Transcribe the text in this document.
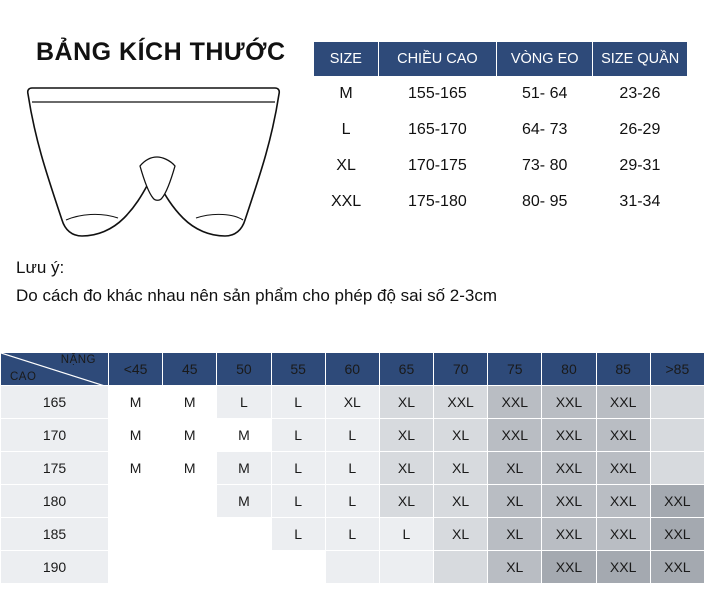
BẢNG KÍCH THƯỚC	SIZE	CHIỀU CAO	VÒNG EO	SIZE QUẦN
M	155-165	51- 64	23-26
L	165-170	64- 73	26-29
XL	170-175	73- 80	29-31
XXL	175-180	80- 95	31-34
Lưu ý:
Do cách đo khác nhau nên sản phẩm cho phép độ sai số 2-3cm
CAO
NẶNG	<45	45	50	55	60	65	70	75	80	85	>85
165	M	M	L	L	XL	XL	XXL	XXL	XXL	XXL	
170	M	M	M	L	L	XL	XL	XXL	XXL	XXL	
175	M	M	M	L	L	XL	XL	XL	XXL	XXL	
180			M	L	L	XL	XL	XL	XXL	XXL	XXL
185				L	L	L	XL	XL	XXL	XXL	XXL
190								XL	XXL	XXL	XXL
